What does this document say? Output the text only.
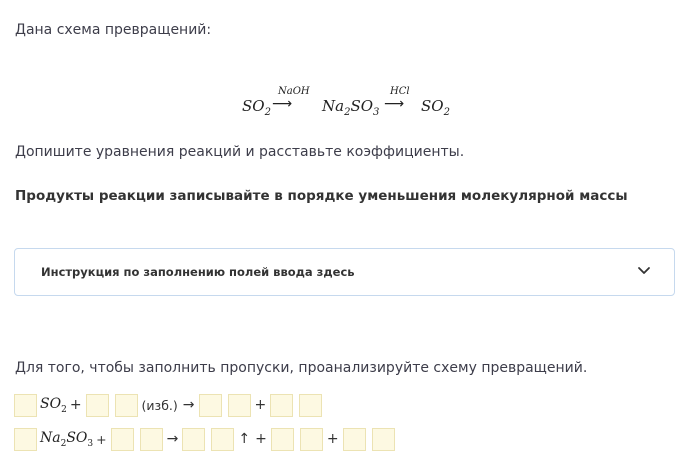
Дана схема превращений:
$SO_2$
NaOH
⟶ $Na_2SO_3$
HCl
⟶ $SO_2$
Допишите уравнения реакций и расставьте коэффициенты.
Продукты реакции записывайте в порядке уменьшения молекулярной массы
Инструкция по заполнению полей ввода здесь
Для того, чтобы заполнить пропуски, проанализируйте схему превращений.
$SO_2$ +	(изб.) →	+
$Na_2SO_3$ +	→	↑ +	+
